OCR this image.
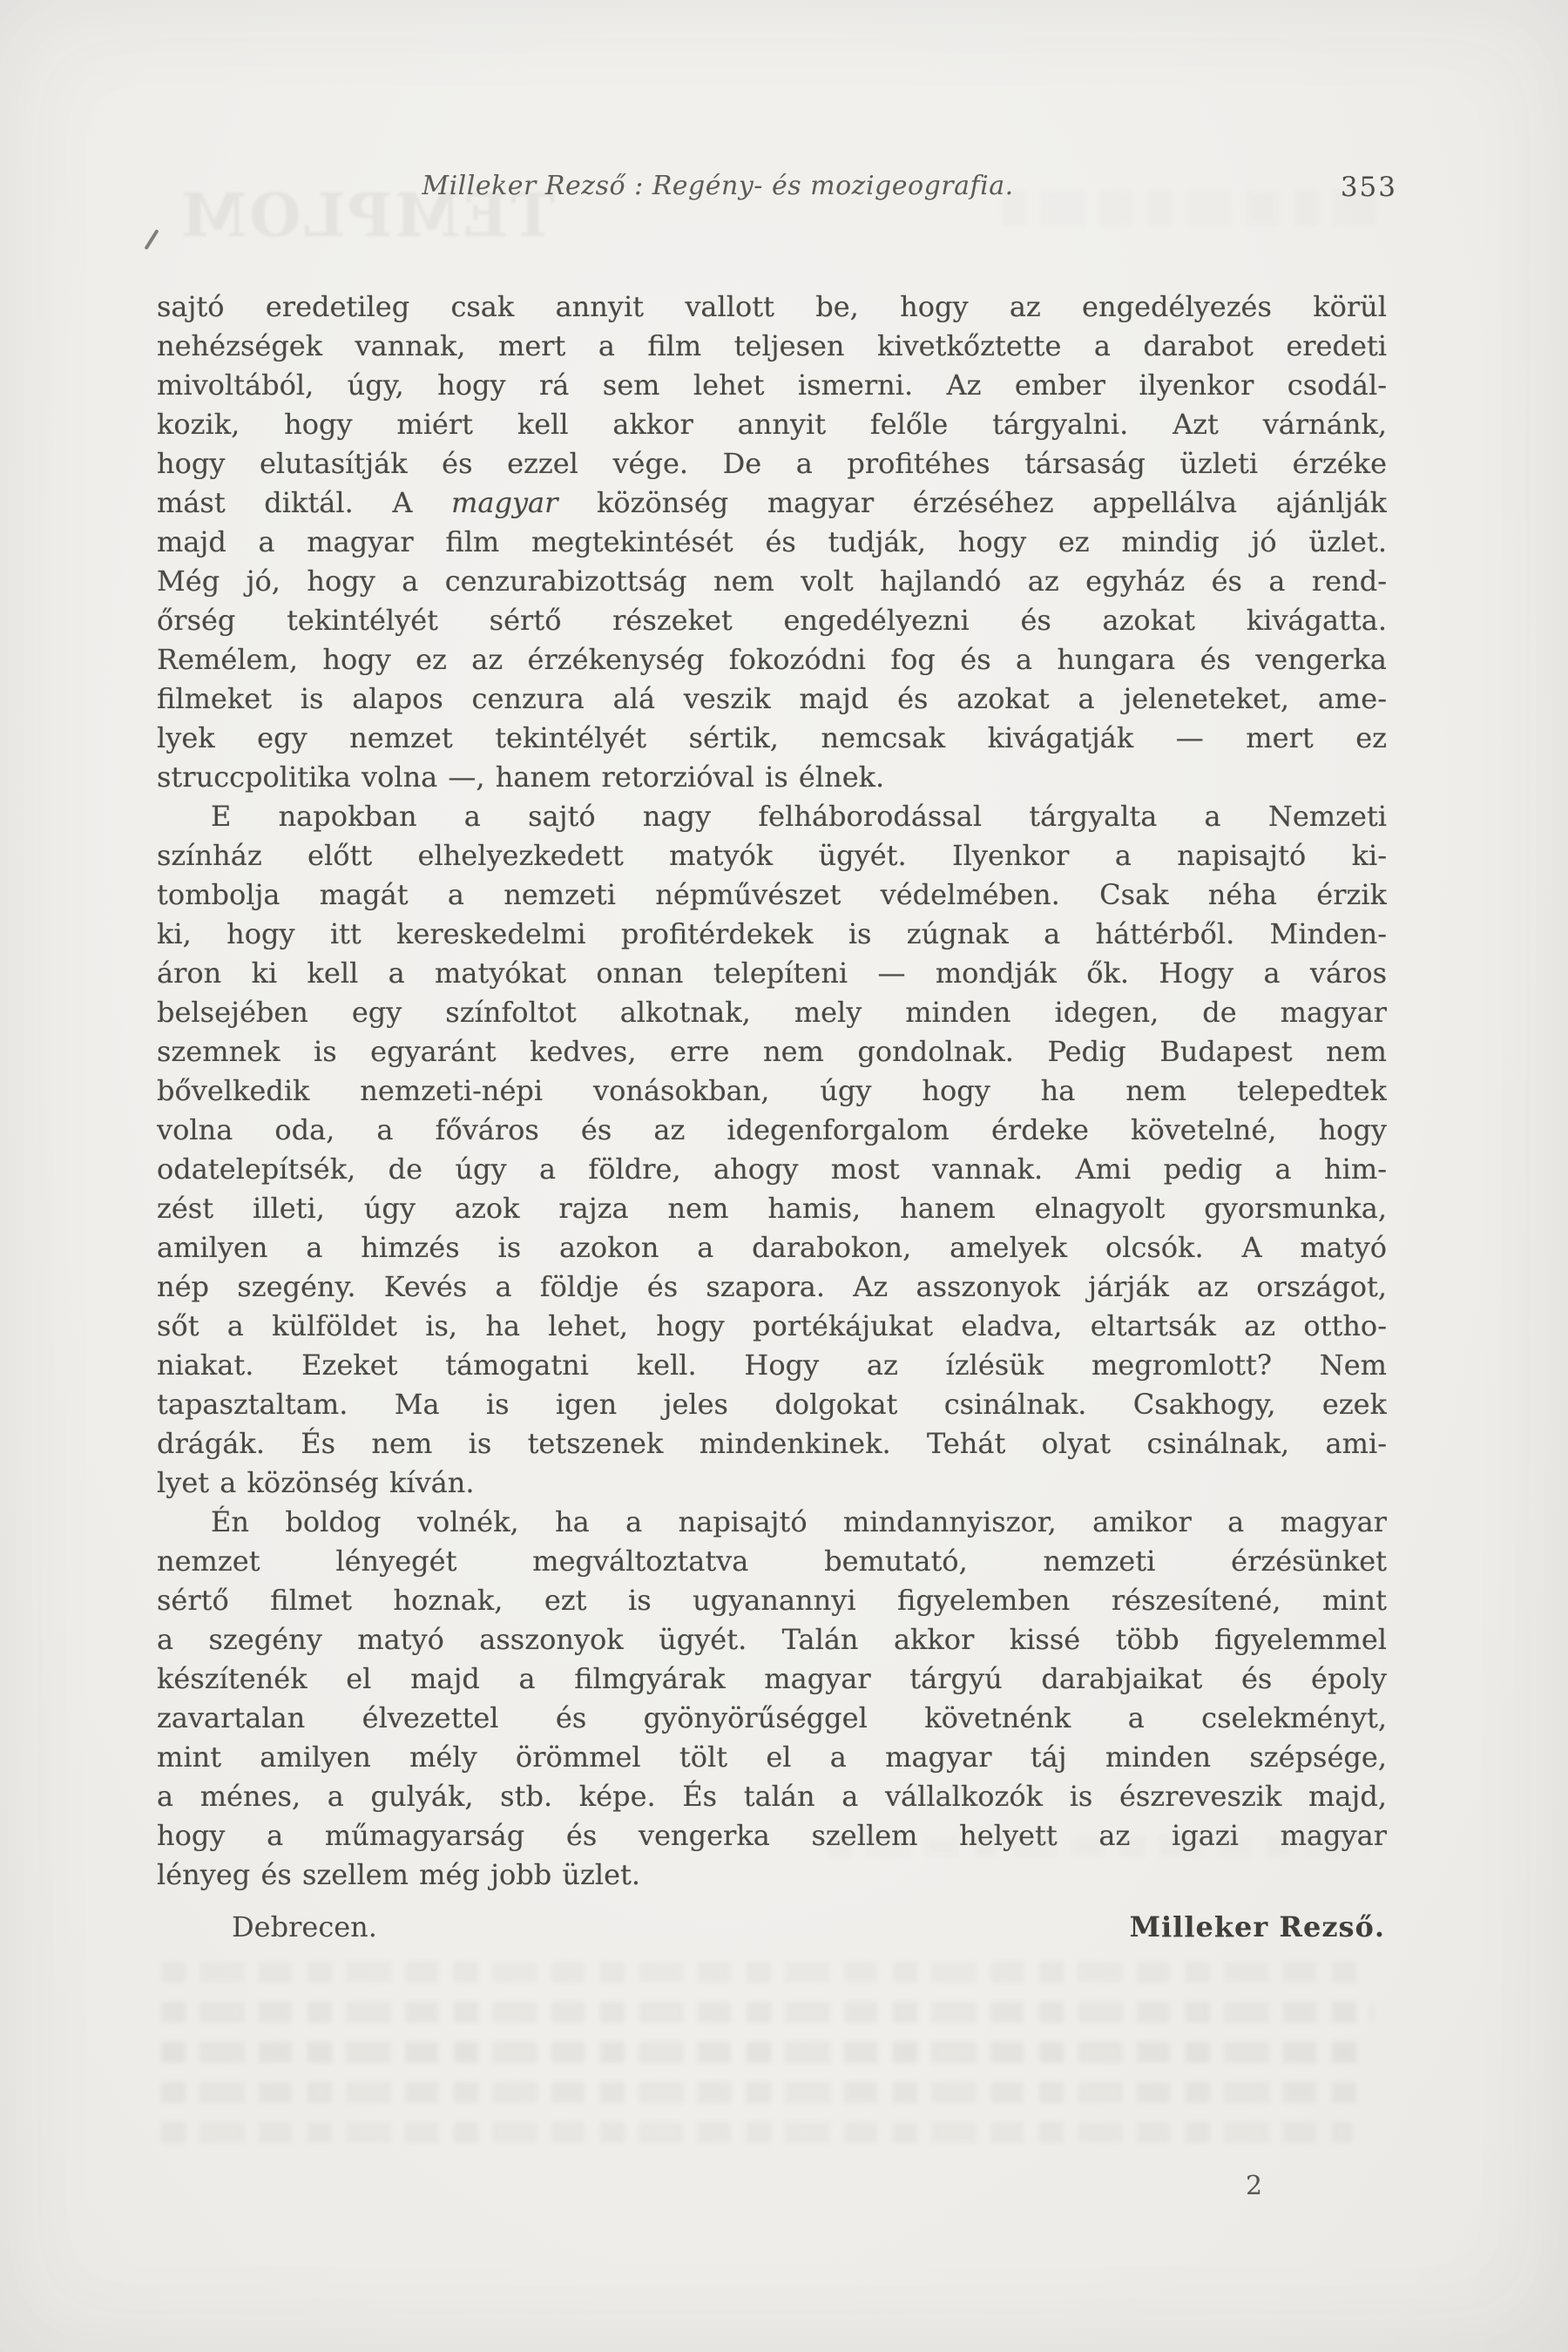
TEMPLOM
Milleker Rezső : Regény- és mozigeografia.	353
sajtó eredetileg csak annyit vallott be, hogy az engedélyezés körül
nehézségek vannak, mert a film teljesen kivetkőztette a darabot eredeti
mivoltából, úgy, hogy rá sem lehet ismerni. Az ember ilyenkor csodál-
kozik, hogy miért kell akkor annyit felőle tárgyalni. Azt várnánk,
hogy elutasítják és ezzel vége. De a profitéhes társaság üzleti érzéke
mást diktál. A magyar közönség magyar érzéséhez appellálva ajánlják
majd a magyar film megtekintését és tudják, hogy ez mindig jó üzlet.
Még jó, hogy a cenzurabizottság nem volt hajlandó az egyház és a rend-
őrség tekintélyét sértő részeket engedélyezni és azokat kivágatta.
Remélem, hogy ez az érzékenység fokozódni fog és a hungara és vengerka
filmeket is alapos cenzura alá veszik majd és azokat a jeleneteket, ame-
lyek egy nemzet tekintélyét sértik, nemcsak kivágatják — mert ez
struccpolitika volna —, hanem retorzióval is élnek.
E napokban a sajtó nagy felháborodással tárgyalta a Nemzeti
színház előtt elhelyezkedett matyók ügyét. Ilyenkor a napisajtó ki-
tombolja magát a nemzeti népművészet védelmében. Csak néha érzik
ki, hogy itt kereskedelmi profitérdekek is zúgnak a háttérből. Minden-
áron ki kell a matyókat onnan telepíteni — mondják ők. Hogy a város
belsejében egy színfoltot alkotnak, mely minden idegen, de magyar
szemnek is egyaránt kedves, erre nem gondolnak. Pedig Budapest nem
bővelkedik nemzeti-népi vonásokban, úgy hogy ha nem telepedtek
volna oda, a főváros és az idegenforgalom érdeke követelné, hogy
odatelepítsék, de úgy a földre, ahogy most vannak. Ami pedig a him-
zést illeti, úgy azok rajza nem hamis, hanem elnagyolt gyorsmunka,
amilyen a himzés is azokon a darabokon, amelyek olcsók. A matyó
nép szegény. Kevés a földje és szapora. Az asszonyok járják az országot,
sőt a külföldet is, ha lehet, hogy portékájukat eladva, eltartsák az ottho-
niakat. Ezeket támogatni kell. Hogy az ízlésük megromlott? Nem
tapasztaltam. Ma is igen jeles dolgokat csinálnak. Csakhogy, ezek
drágák. És nem is tetszenek mindenkinek. Tehát olyat csinálnak, ami-
lyet a közönség kíván.
Én boldog volnék, ha a napisajtó mindannyiszor, amikor a magyar
nemzet lényegét megváltoztatva bemutató, nemzeti érzésünket
sértő filmet hoznak, ezt is ugyanannyi figyelemben részesítené, mint
a szegény matyó asszonyok ügyét. Talán akkor kissé több figyelemmel
készítenék el majd a filmgyárak magyar tárgyú darabjaikat és époly
zavartalan élvezettel és gyönyörűséggel követnénk a cselekményt,
mint amilyen mély örömmel tölt el a magyar táj minden szépsége,
a ménes, a gulyák, stb. képe. És talán a vállalkozók is észreveszik majd,
hogy a műmagyarság és vengerka szellem helyett az igazi magyar
lényeg és szellem még jobb üzlet.
Debrecen.	Milleker Rezső.
2
